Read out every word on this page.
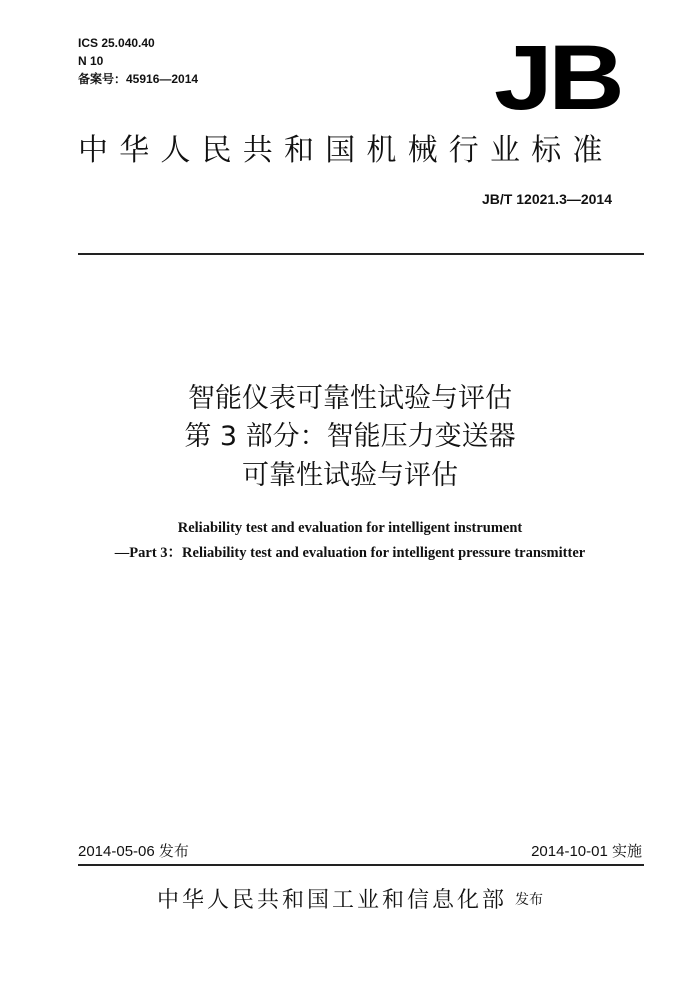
ICS 25.040.40
N 10
备案号：45916—2014	JB
中华人民共和国机械行业标准
JB/T 12021.3—2014
智能仪表可靠性试验与评估
第 3 部分：智能压力变送器
可靠性试验与评估
Reliability test and evaluation for intelligent instrument
—Part 3：Reliability test and evaluation for intelligent pressure transmitter
2014-05-06 发布	2014-10-01 实施
中华人民共和国工业和信息化部 发布
